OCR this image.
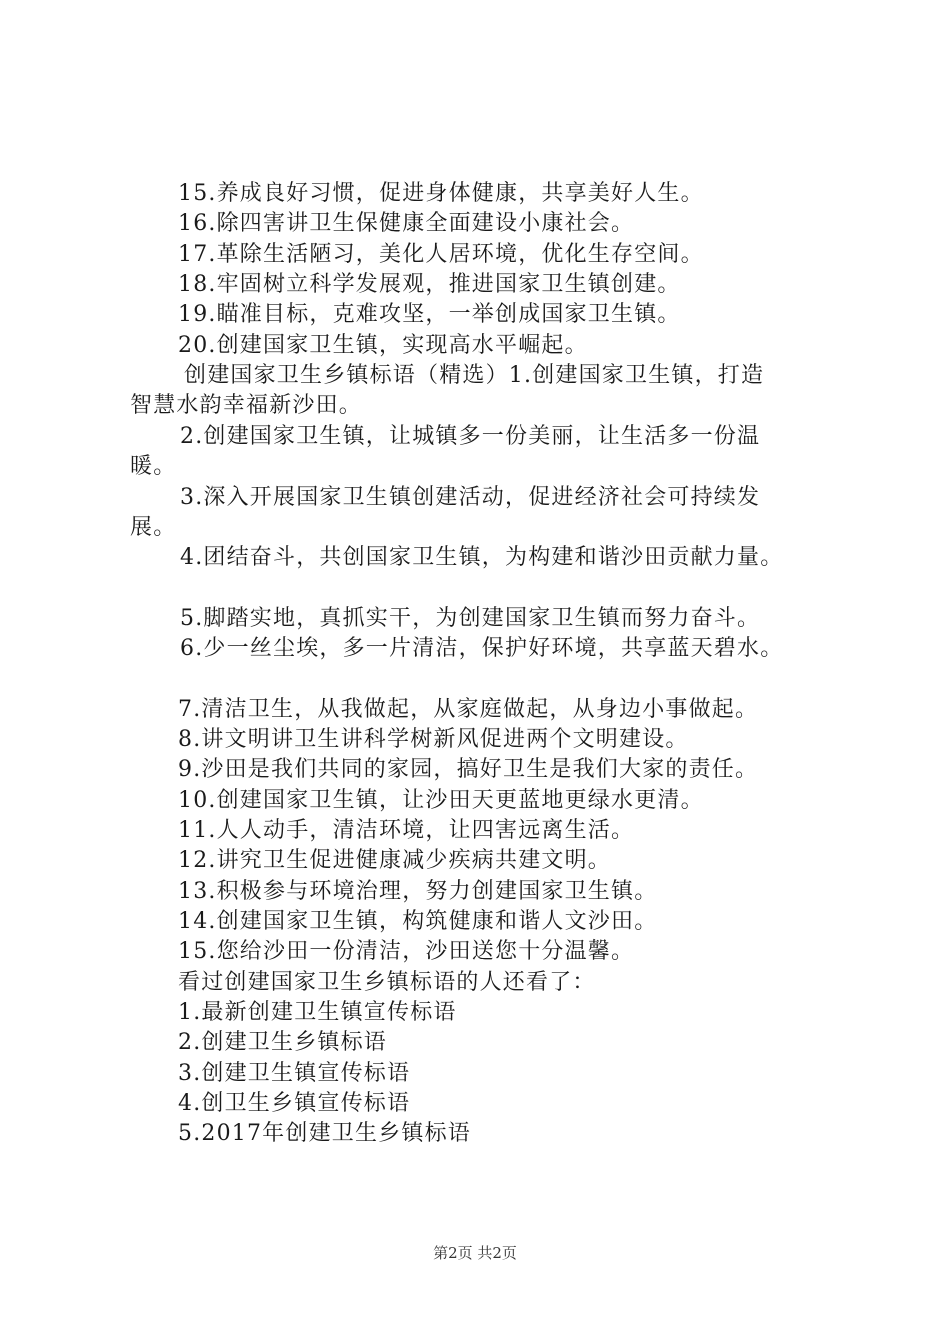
15.养成良好习惯，促进身体健康，共享美好人生。
16.除四害讲卫生保健康全面建设小康社会。
17.革除生活陋习，美化人居环境，优化生存空间。
18.牢固树立科学发展观，推进国家卫生镇创建。
19.瞄准目标，克难攻坚，一举创成国家卫生镇。
20.创建国家卫生镇，实现高水平崛起。
创建国家卫生乡镇标语（精选）1.创建国家卫生镇，打造
智慧水韵幸福新沙田。
2.创建国家卫生镇，让城镇多一份美丽，让生活多一份温
暖。
3.深入开展国家卫生镇创建活动，促进经济社会可持续发
展。
4.团结奋斗，共创国家卫生镇，为构建和谐沙田贡献力量。
5.脚踏实地，真抓实干，为创建国家卫生镇而努力奋斗。
6.少一丝尘埃，多一片清洁，保护好环境，共享蓝天碧水。
7.清洁卫生，从我做起，从家庭做起，从身边小事做起。
8.讲文明讲卫生讲科学树新风促进两个文明建设。
9.沙田是我们共同的家园，搞好卫生是我们大家的责任。
10.创建国家卫生镇，让沙田天更蓝地更绿水更清。
11.人人动手，清洁环境，让四害远离生活。
12.讲究卫生促进健康减少疾病共建文明。
13.积极参与环境治理，努力创建国家卫生镇。
14.创建国家卫生镇，构筑健康和谐人文沙田。
15.您给沙田一份清洁，沙田送您十分温馨。
看过创建国家卫生乡镇标语的人还看了：
1.最新创建卫生镇宣传标语
2.创建卫生乡镇标语
3.创建卫生镇宣传标语
4.创卫生乡镇宣传标语
5.2017年创建卫生乡镇标语
第2页 共2页
